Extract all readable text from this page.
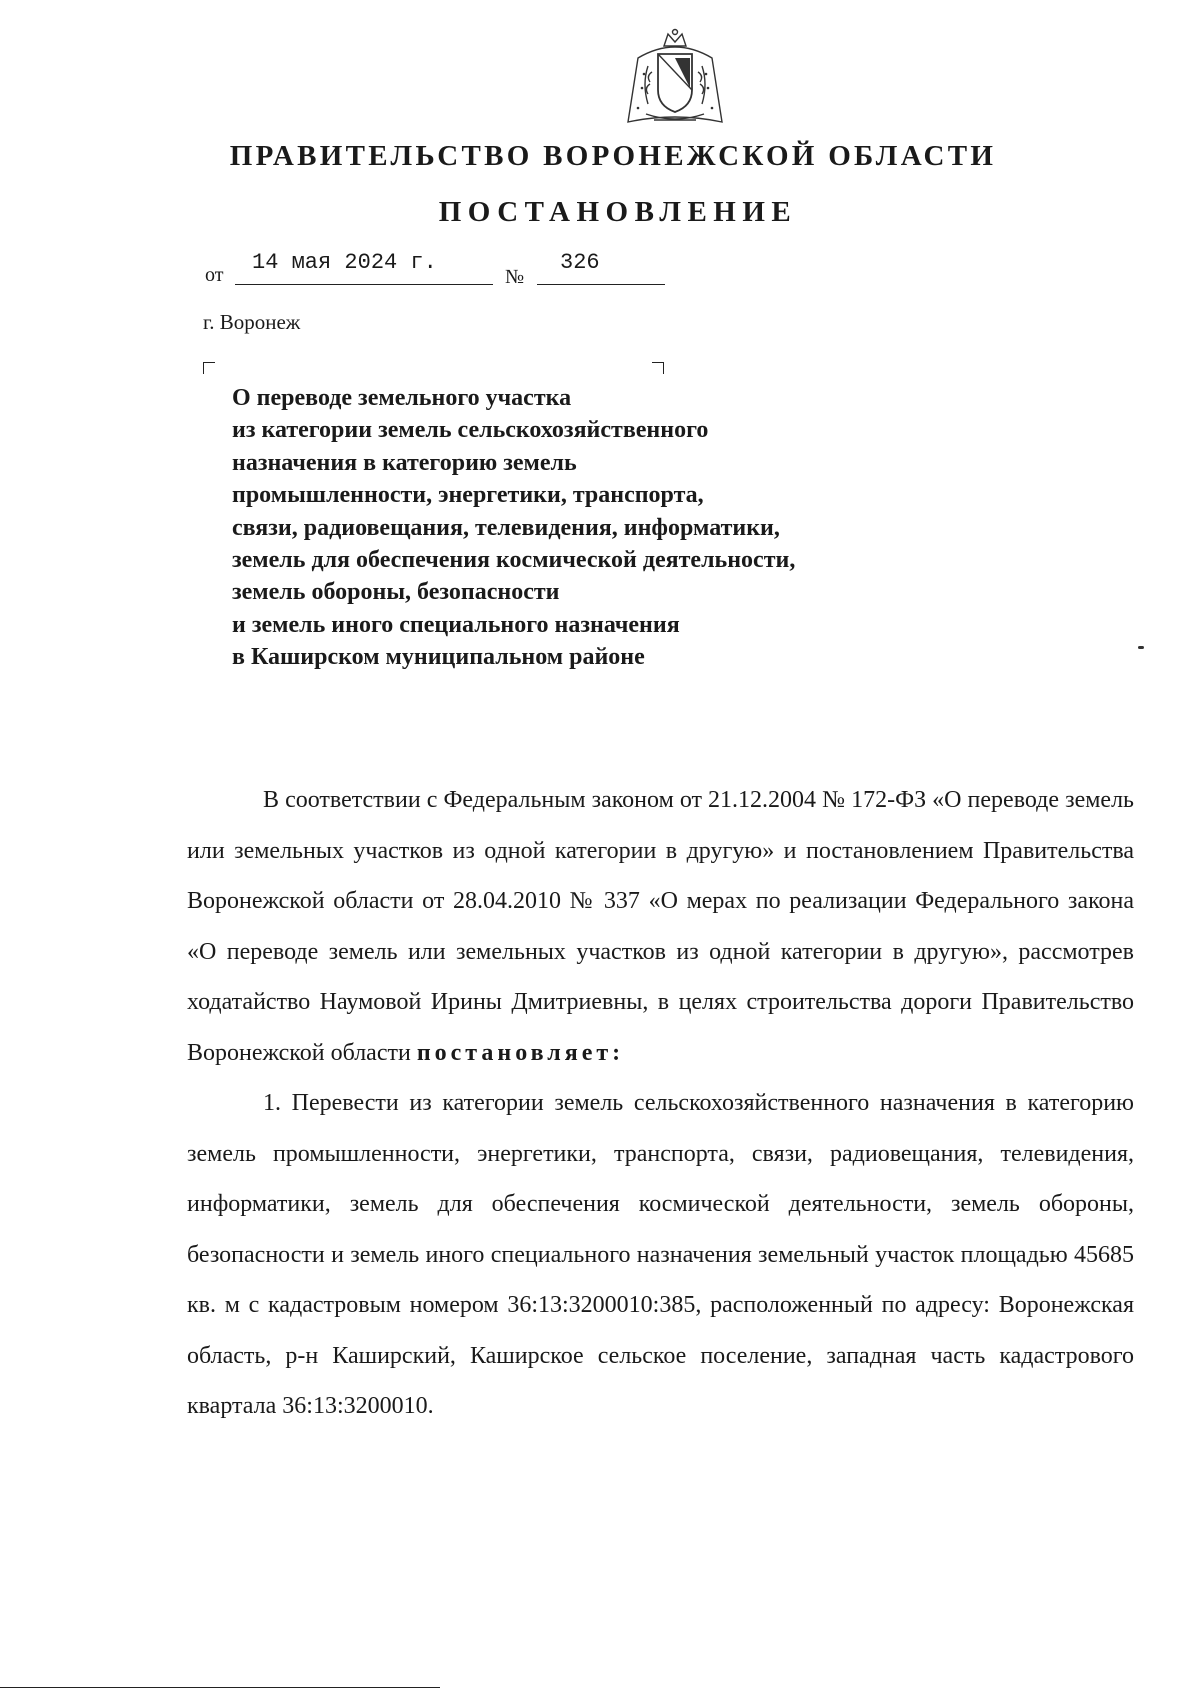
ПРАВИТЕЛЬСТВО ВОРОНЕЖСКОЙ ОБЛАСТИ
ПОСТАНОВЛЕНИЕ
от 14 мая 2024 г.
№
326
г. Воронеж
О переводе земельного участка
из категории земель сельскохозяйственного
назначения в категорию земель
промышленности, энергетики, транспорта,
связи, радиовещания, телевидения, информатики,
земель для обеспечения космической деятельности,
земель обороны, безопасности
и земель иного специального назначения
в Каширском муниципальном районе

В соответствии с Федеральным законом от 21.12.2004 № 172-ФЗ «О переводе земель или земельных участков из одной категории в другую» и постановлением Правительства Воронежской области от 28.04.2010 № 337 «О мерах по реализации Федерального закона «О переводе земель или земельных участков из одной категории в другую», рассмотрев ходатайство Наумовой Ирины Дмитриевны, в целях строительства дороги Правительство Воронежской области постановляет:

1. Перевести из категории земель сельскохозяйственного назначения в категорию земель промышленности, энергетики, транспорта, связи, радиовещания, телевидения, информатики, земель для обеспечения космической деятельности, земель обороны, безопасности и земель иного специального назначения земельный участок площадью 45685 кв. м с кадастровым номером 36:13:3200010:385, расположенный по адресу: Воронежская область, р-н Каширский, Каширское сельское поселение, западная часть кадастрового квартала 36:13:3200010.
